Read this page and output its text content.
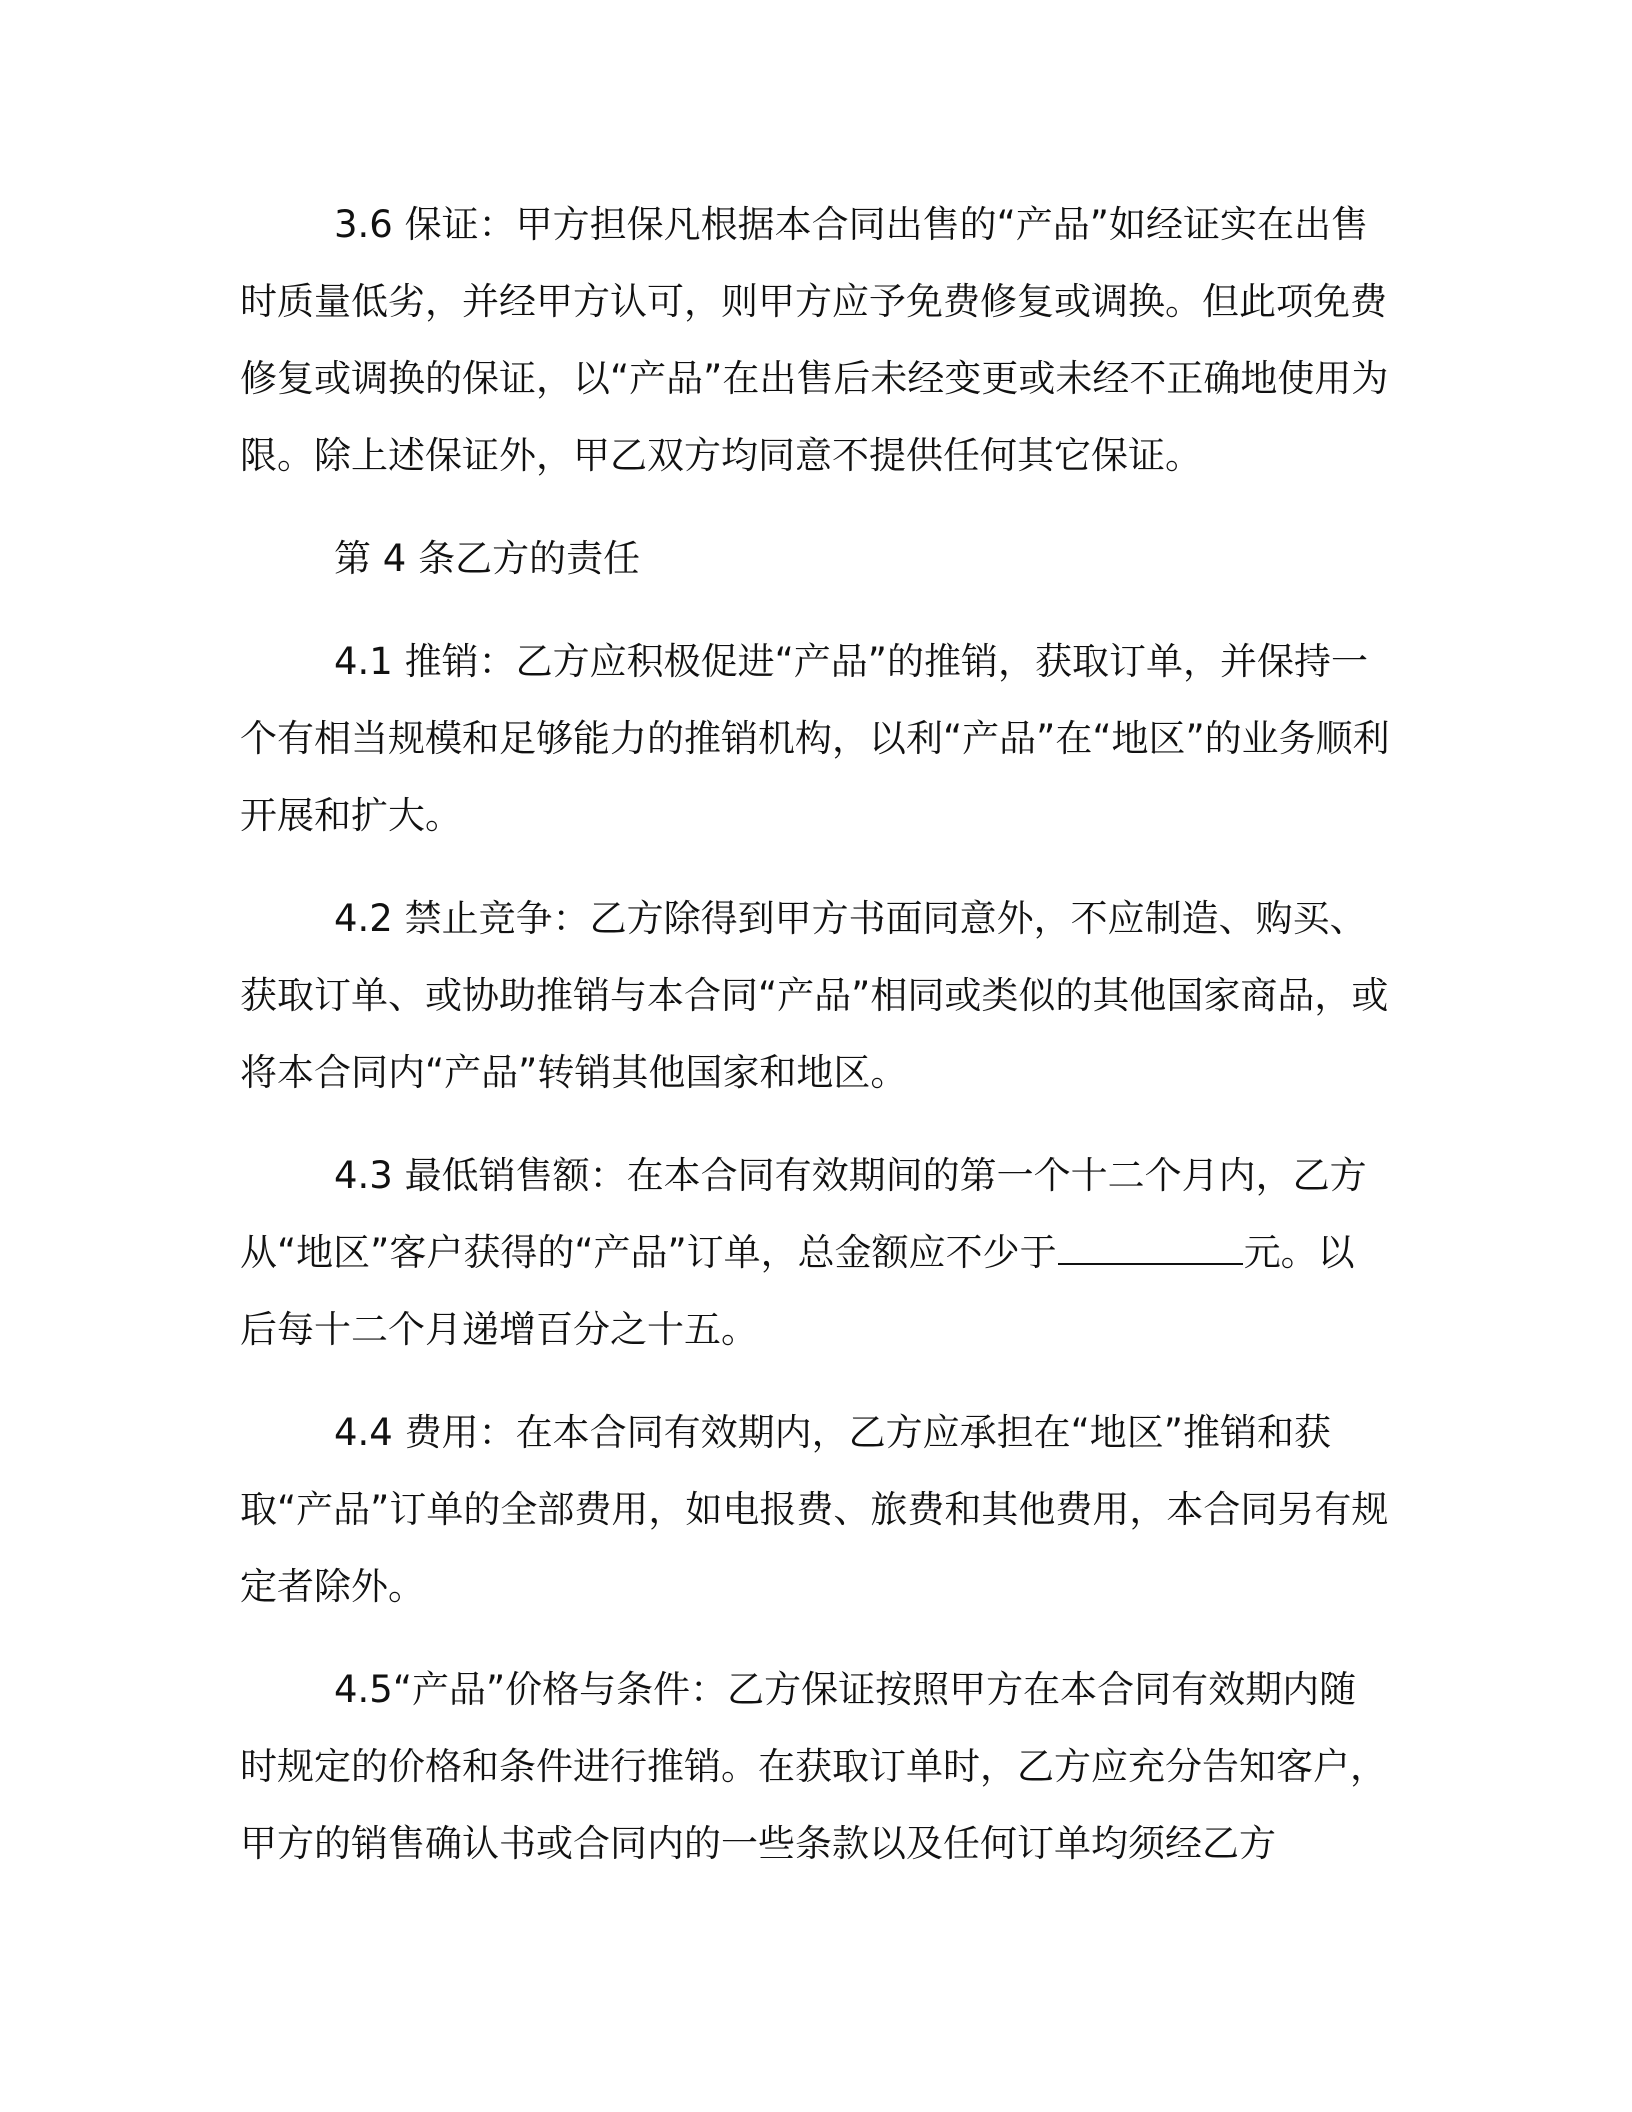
3.6 保证：甲方担保凡根据本合同出售的“产品”如经证实在出售时质量低劣，并经甲方认可，则甲方应予免费修复或调换。但此项免费修复或调换的保证，以“产品”在出售后未经变更或未经不正确地使用为限。除上述保证外，甲乙双方均同意不提供任何其它保证。

第 4 条乙方的责任

4.1 推销：乙方应积极促进“产品”的推销，获取订单，并保持一个有相当规模和足够能力的推销机构，以利“产品”在“地区”的业务顺利开展和扩大。

4.2 禁止竞争：乙方除得到甲方书面同意外，不应制造、购买、获取订单、或协助推销与本合同“产品”相同或类似的其他国家商品，或将本合同内“产品”转销其他国家和地区。

4.3 最低销售额：在本合同有效期间的第一个十二个月内，乙方从“地区”客户获得的“产品”订单，总金额应不少于	元。以后每十二个月递增百分之十五。

4.4 费用：在本合同有效期内，乙方应承担在“地区”推销和获取“产品”订单的全部费用，如电报费、旅费和其他费用，本合同另有规定者除外。

4.5“产品”价格与条件：乙方保证按照甲方在本合同有效期内随时规定的价格和条件进行推销。在获取订单时，乙方应充分告知客户，甲方的销售确认书或合同内的一些条款以及任何订单均须经乙方
